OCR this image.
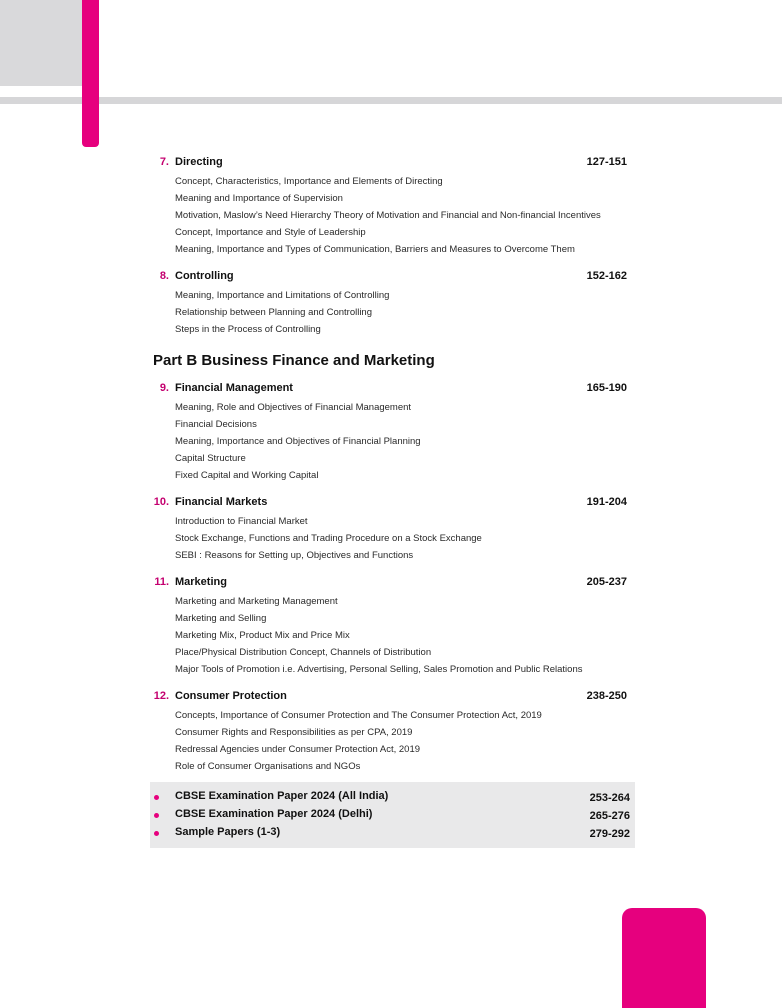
7. Directing	127-151
Concept, Characteristics, Importance and Elements of Directing
Meaning and Importance of Supervision
Motivation, Maslow’s Need Hierarchy Theory of Motivation and Financial and Non-financial Incentives
Concept, Importance and Style of Leadership
Meaning, Importance and Types of Communication, Barriers and Measures to Overcome Them
8. Controlling	152-162
Meaning, Importance and Limitations of Controlling
Relationship between Planning and Controlling
Steps in the Process of Controlling
Part B Business Finance and Marketing
9. Financial Management	165-190
Meaning, Role and Objectives of Financial Management
Financial Decisions
Meaning, Importance and Objectives of Financial Planning
Capital Structure
Fixed Capital and Working Capital
10. Financial Markets	191-204
Introduction to Financial Market
Stock Exchange, Functions and Trading Procedure on a Stock Exchange
SEBI : Reasons for Setting up, Objectives and Functions
11. Marketing	205-237
Marketing and Marketing Management
Marketing and Selling
Marketing Mix, Product Mix and Price Mix
Place/Physical Distribution Concept, Channels of Distribution
Major Tools of Promotion i.e. Advertising, Personal Selling, Sales Promotion and Public Relations
12. Consumer Protection	238-250
Concepts, Importance of Consumer Protection and The Consumer Protection Act, 2019
Consumer Rights and Responsibilities as per CPA, 2019
Redressal Agencies under Consumer Protection Act, 2019
Role of Consumer Organisations and NGOs
CBSE Examination Paper 2024 (All India)	253-264
CBSE Examination Paper 2024 (Delhi)	265-276
Sample Papers (1-3)	279-292
